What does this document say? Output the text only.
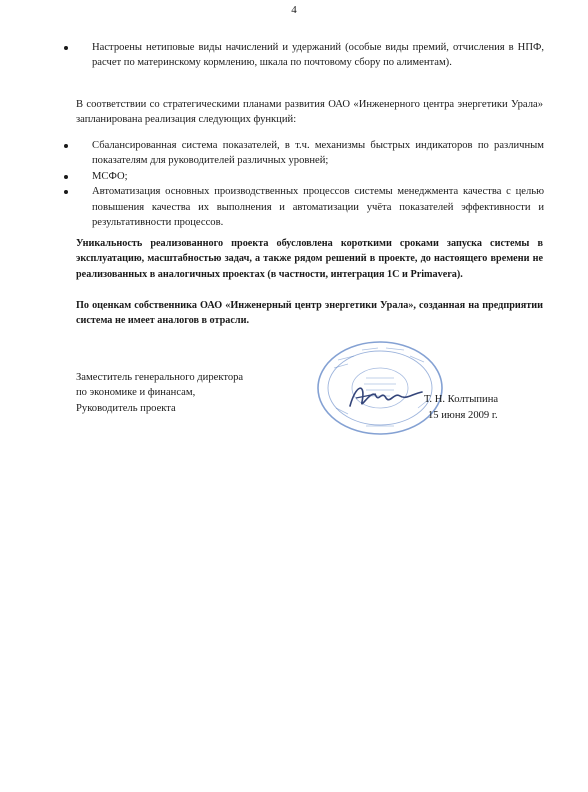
4
Настроены нетиповые виды начислений и удержаний (особые виды премий, отчисления в НПФ, расчет по материнскому кормлению, шкала по почтовому сбору по алиментам).

В соответствии со стратегическими планами развития ОАО «Инженерного центра энергетики Урала» запланирована реализация следующих функций:

Сбалансированная система показателей, в т.ч. механизмы быстрых индикаторов по различным показателям для руководителей различных уровней;
МСФО;
Автоматизация основных производственных процессов системы менеджмента качества с целью повышения качества их выполнения и автоматизации учёта показателей эффективности и результативности процессов.

Уникальность реализованного проекта обусловлена короткими сроками запуска системы в эксплуатацию, масштабностью задач, а также рядом решений в проекте, до настоящего времени не реализованных в аналогичных проектах (в частности, интеграция 1С и Primavera).

По оценкам собственника ОАО «Инженерный центр энергетики Урала», созданная на предприятии система не имеет аналогов в отрасли.

Заместитель генерального директора
по экономике и финансам,
Руководитель проекта
Т. Н. Колтыпина
15 июня 2009 г.
